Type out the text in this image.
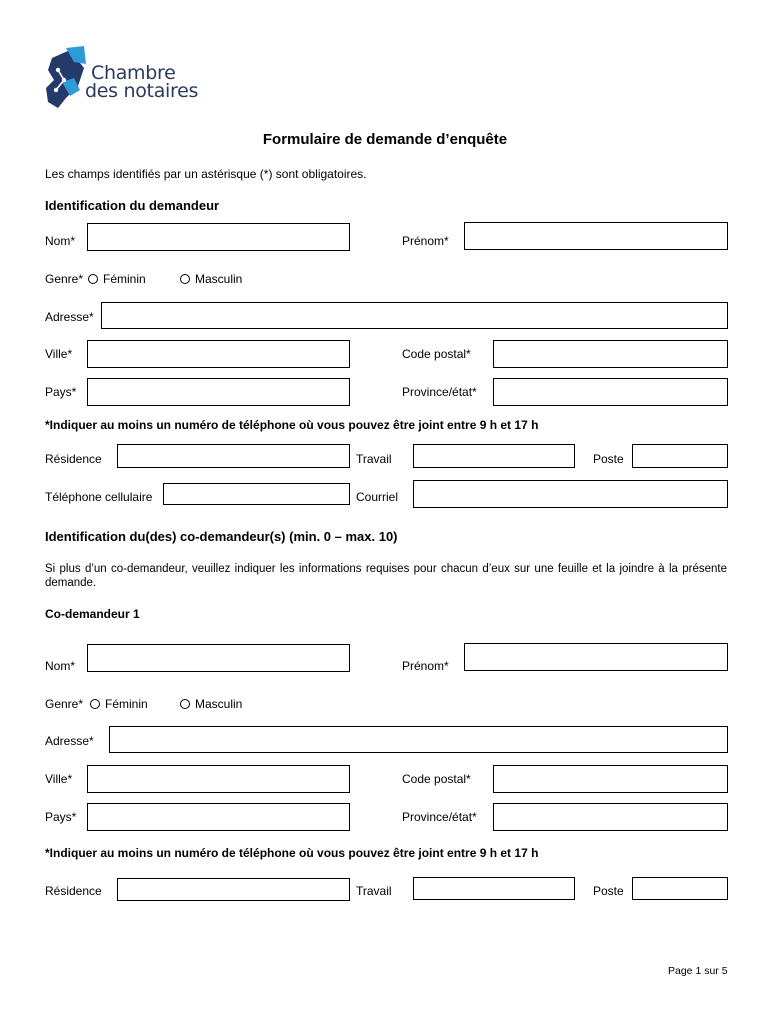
Chambre
des notaires
Formulaire de demande d’enquête
Les champs identifiés par un astérisque (*) sont obligatoires.
Identification du demandeur
Nom*	Prénom*
Genre* Féminin	Masculin
Adresse*
Ville*	Code postal*
Pays*	Province/état*
*Indiquer au moins un numéro de téléphone où vous pouvez être joint entre 9 h et 17 h
Résidence	Travail	Poste
Téléphone cellulaire	Courriel
Identification du(des) co-demandeur(s) (min. 0 – max. 10)
Si plus d’un co-demandeur, veuillez indiquer les informations requises pour chacun d’eux sur une feuille et la joindre à la présente demande.
Co-demandeur 1
Nom*	Prénom*
Genre* Féminin	Masculin
Adresse*
Ville*	Code postal*
Pays*	Province/état*
*Indiquer au moins un numéro de téléphone où vous pouvez être joint entre 9 h et 17 h
Résidence	Travail	Poste
Page 1 sur 5
